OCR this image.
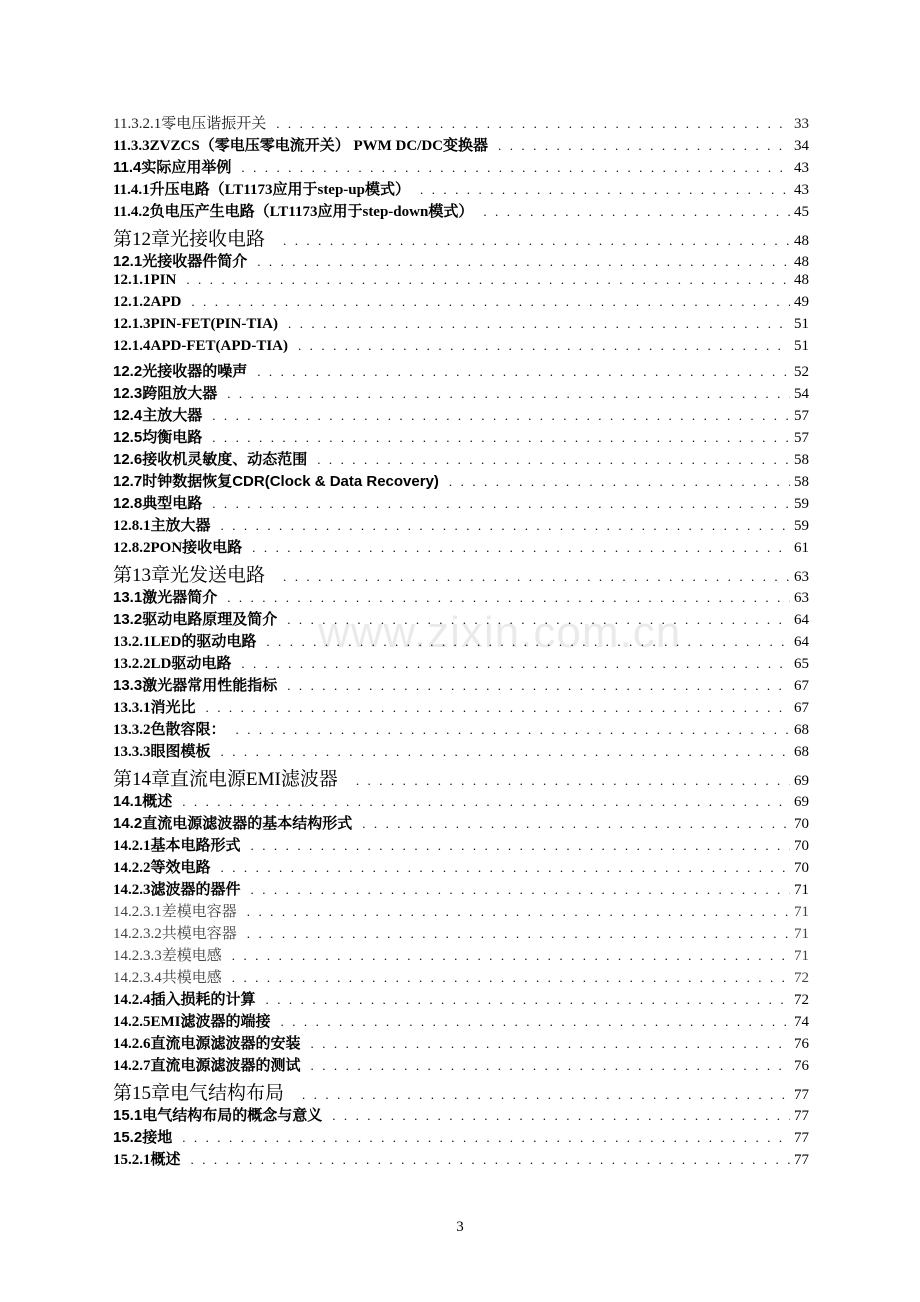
11.3.2.1零电压谐振开关 . . .	33
11.3.3ZVZCS（零电压零电流开关） PWM DC/DC变换器 . . .	34
11.4实际应用举例 . . .	43
11.4.1升压电路（LT1173应用于step-up模式） . . .	43
11.4.2负电压产生电路（LT1173应用于step-down模式） . . .	45
第12章光接收电路 . . .	48
12.1光接收器件简介 . . .	48
12.1.1PIN . . .	48
12.1.2APD . . .	49
12.1.3PIN-FET(PIN-TIA) . . .	51
12.1.4APD-FET(APD-TIA) . . .	51
12.2光接收器的噪声 . . .	52
12.3跨阻放大器 . . .	54
12.4主放大器 . . .	57
12.5均衡电路 . . .	57
12.6接收机灵敏度、动态范围 . . .	58
12.7时钟数据恢复CDR(Clock & Data Recovery) . . .	58
12.8典型电路 . . .	59
12.8.1主放大器 . . .	59
12.8.2PON接收电路 . . .	61
第13章光发送电路 . . .	63
13.1激光器简介 . . .	63
13.2驱动电路原理及简介 . . .	64
13.2.1LED的驱动电路 . . .	64
13.2.2LD驱动电路 . . .	65
13.3激光器常用性能指标 . . .	67
13.3.1消光比 . . .	67
13.3.2色散容限： . . .	68
13.3.3眼图模板 . . .	68
第14章直流电源EMI滤波器 . . .	69
14.1概述 . . .	69
14.2直流电源滤波器的基本结构形式 . . .	70
14.2.1基本电路形式 . . .	70
14.2.2等效电路 . . .	70
14.2.3滤波器的器件 . . .	71
14.2.3.1差模电容器 . . .	71
14.2.3.2共模电容器 . . .	71
14.2.3.3差模电感 . . .	71
14.2.3.4共模电感 . . .	72
14.2.4插入损耗的计算 . . .	72
14.2.5EMI滤波器的端接 . . .	74
14.2.6直流电源滤波器的安装 . . .	76
14.2.7直流电源滤波器的测试 . . .	76
第15章电气结构布局 . . .	77
15.1电气结构布局的概念与意义 . . .	77
15.2接地 . . .	77
15.2.1概述 . . .	77
www.zixin.com.cn
3
